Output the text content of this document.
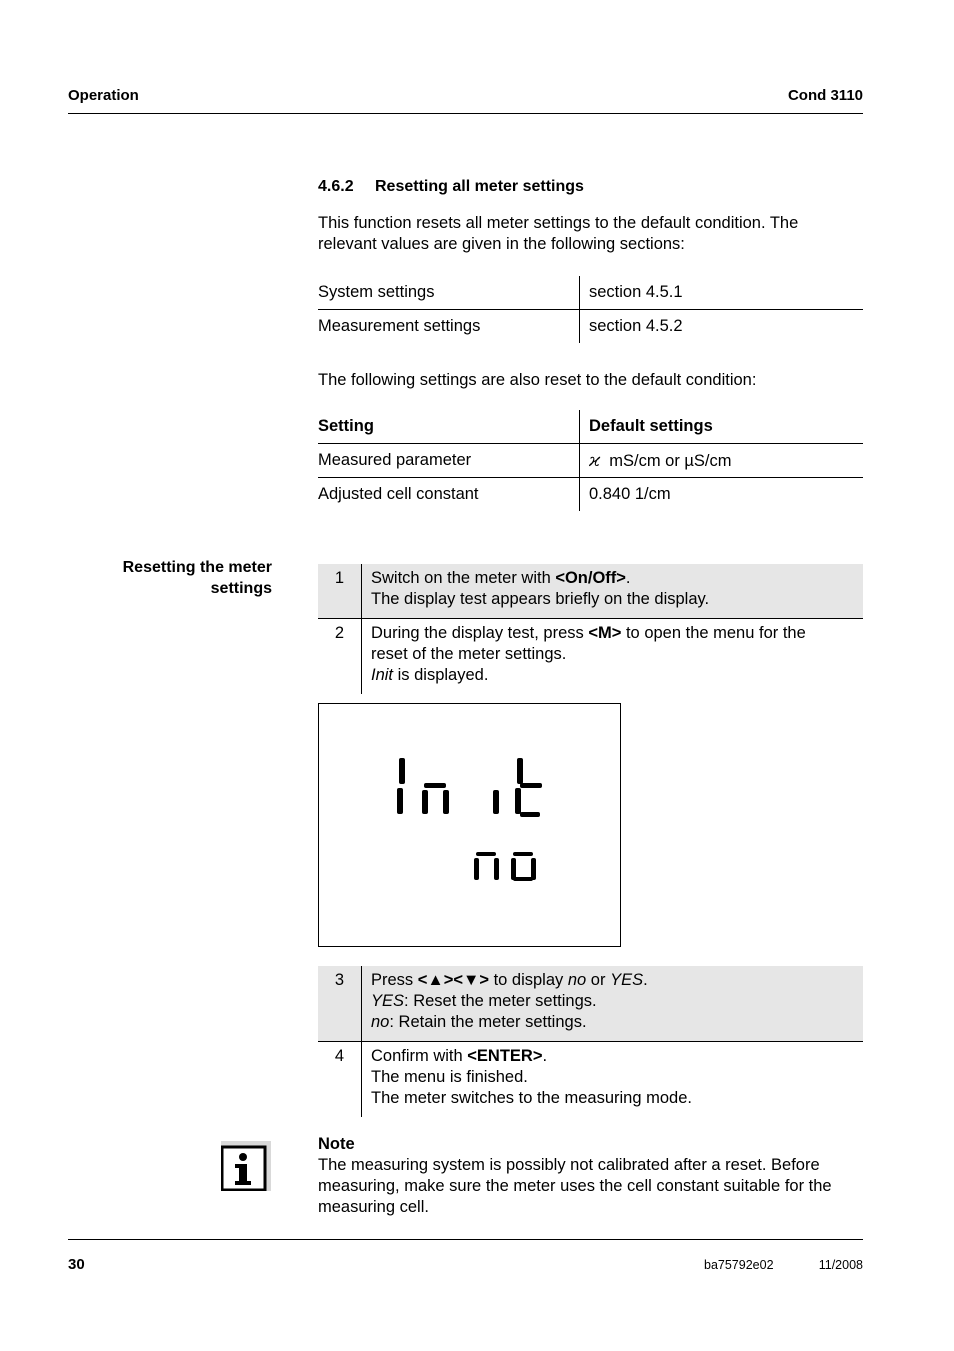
Operation	Cond 3110
4.6.2 Resetting all meter settings
This function resets all meter settings to the default condition. The
relevant values are given in the following sections:
System settings	section 4.5.1
Measurement settings	section 4.5.2
The following settings are also reset to the default condition:
Setting	Default settings
Measured parameter	ϰ mS/cm or µS/cm
Adjusted cell constant	0.840 1/cm
Resetting the meter
settings
1	Switch on the meter with <On/Off>.
The display test appears briefly on the display.

2	During the display test, press <M> to open the menu for the
reset of the meter settings.
Init is displayed.
3	Press <▲><▼> to display no or YES.
YES: Reset the meter settings.
no: Retain the meter settings.

4	Confirm with <ENTER>.
The menu is finished.
The meter switches to the measuring mode.
Note
The measuring system is possibly not calibrated after a reset. Before
measuring, make sure the meter uses the cell constant suitable for the
measuring cell.
30	ba75792e02	11/2008
